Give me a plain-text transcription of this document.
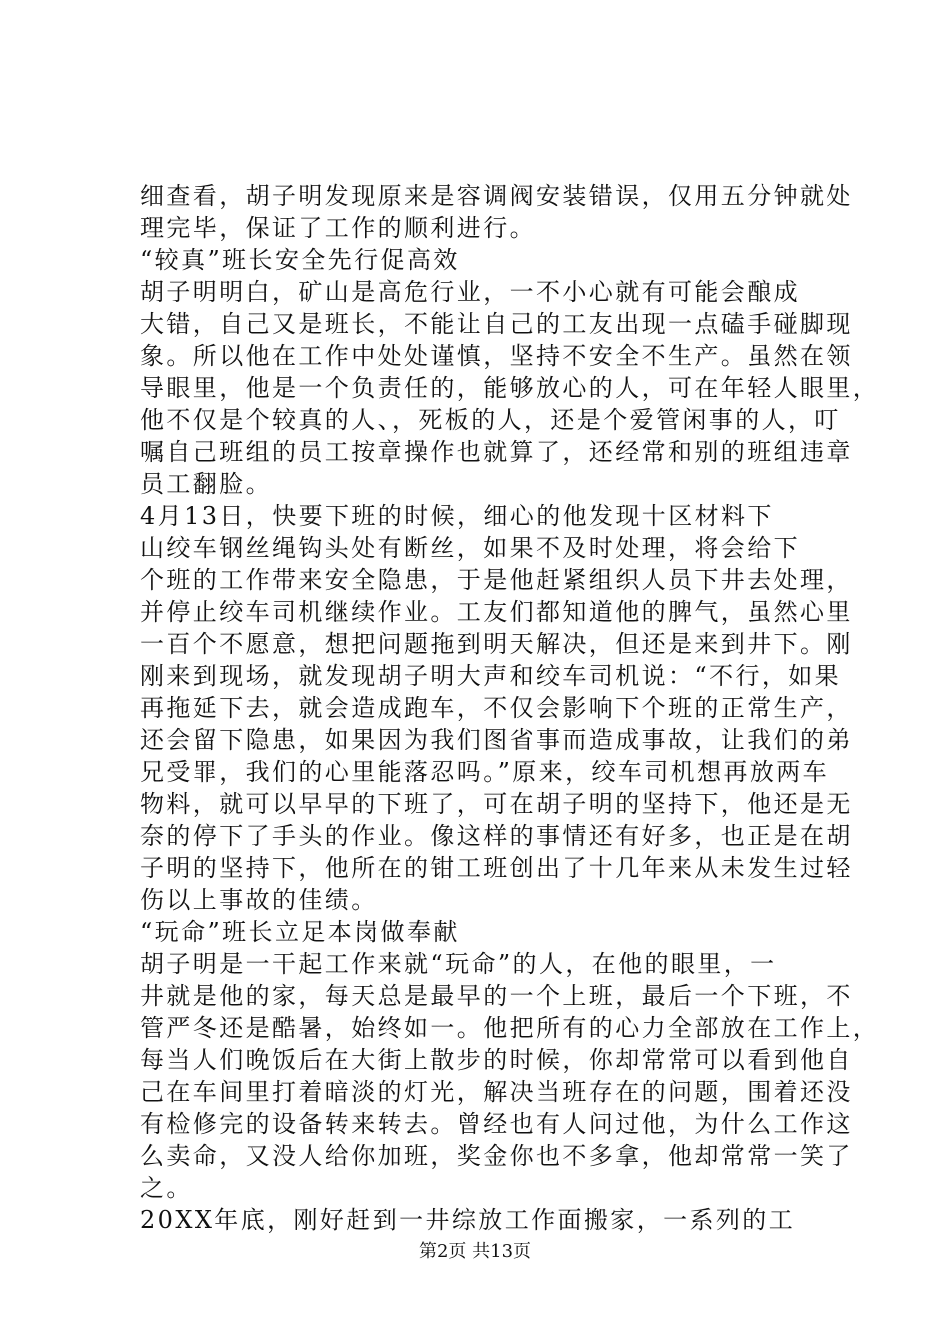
细查看，胡子明发现原来是容调阀安装错误，仅用五分钟就处
理完毕，保证了工作的顺利进行。
“较真”班长安全先行促高效
胡子明明白，矿山是高危行业，一不小心就有可能会酿成
大错，自己又是班长，不能让自己的工友出现一点磕手碰脚现
象。所以他在工作中处处谨慎，坚持不安全不生产。虽然在领
导眼里，他是一个负责任的，能够放心的人，可在年轻人眼里，
他不仅是个较真的人、，死板的人，还是个爱管闲事的人，叮
嘱自己班组的员工按章操作也就算了，还经常和别的班组违章
员工翻脸。
4月13日，快要下班的时候，细心的他发现十区材料下
山绞车钢丝绳钩头处有断丝，如果不及时处理，将会给下
个班的工作带来安全隐患，于是他赶紧组织人员下井去处理，
并停止绞车司机继续作业。工友们都知道他的脾气，虽然心里
一百个不愿意，想把问题拖到明天解决，但还是来到井下。刚
刚来到现场，就发现胡子明大声和绞车司机说：“不行，如果
再拖延下去，就会造成跑车，不仅会影响下个班的正常生产，
还会留下隐患，如果因为我们图省事而造成事故，让我们的弟
兄受罪，我们的心里能落忍吗。”原来，绞车司机想再放两车
物料，就可以早早的下班了，可在胡子明的坚持下，他还是无
奈的停下了手头的作业。像这样的事情还有好多，也正是在胡
子明的坚持下，他所在的钳工班创出了十几年来从未发生过轻
伤以上事故的佳绩。
“玩命”班长立足本岗做奉献
胡子明是一干起工作来就“玩命”的人，在他的眼里，一
井就是他的家，每天总是最早的一个上班，最后一个下班，不
管严冬还是酷暑，始终如一。他把所有的心力全部放在工作上，
每当人们晚饭后在大街上散步的时候，你却常常可以看到他自
己在车间里打着暗淡的灯光，解决当班存在的问题，围着还没
有检修完的设备转来转去。曾经也有人问过他，为什么工作这
么卖命，又没人给你加班，奖金你也不多拿，他却常常一笑了
之。
20XX年底，刚好赶到一井综放工作面搬家，一系列的工
第2页 共13页
